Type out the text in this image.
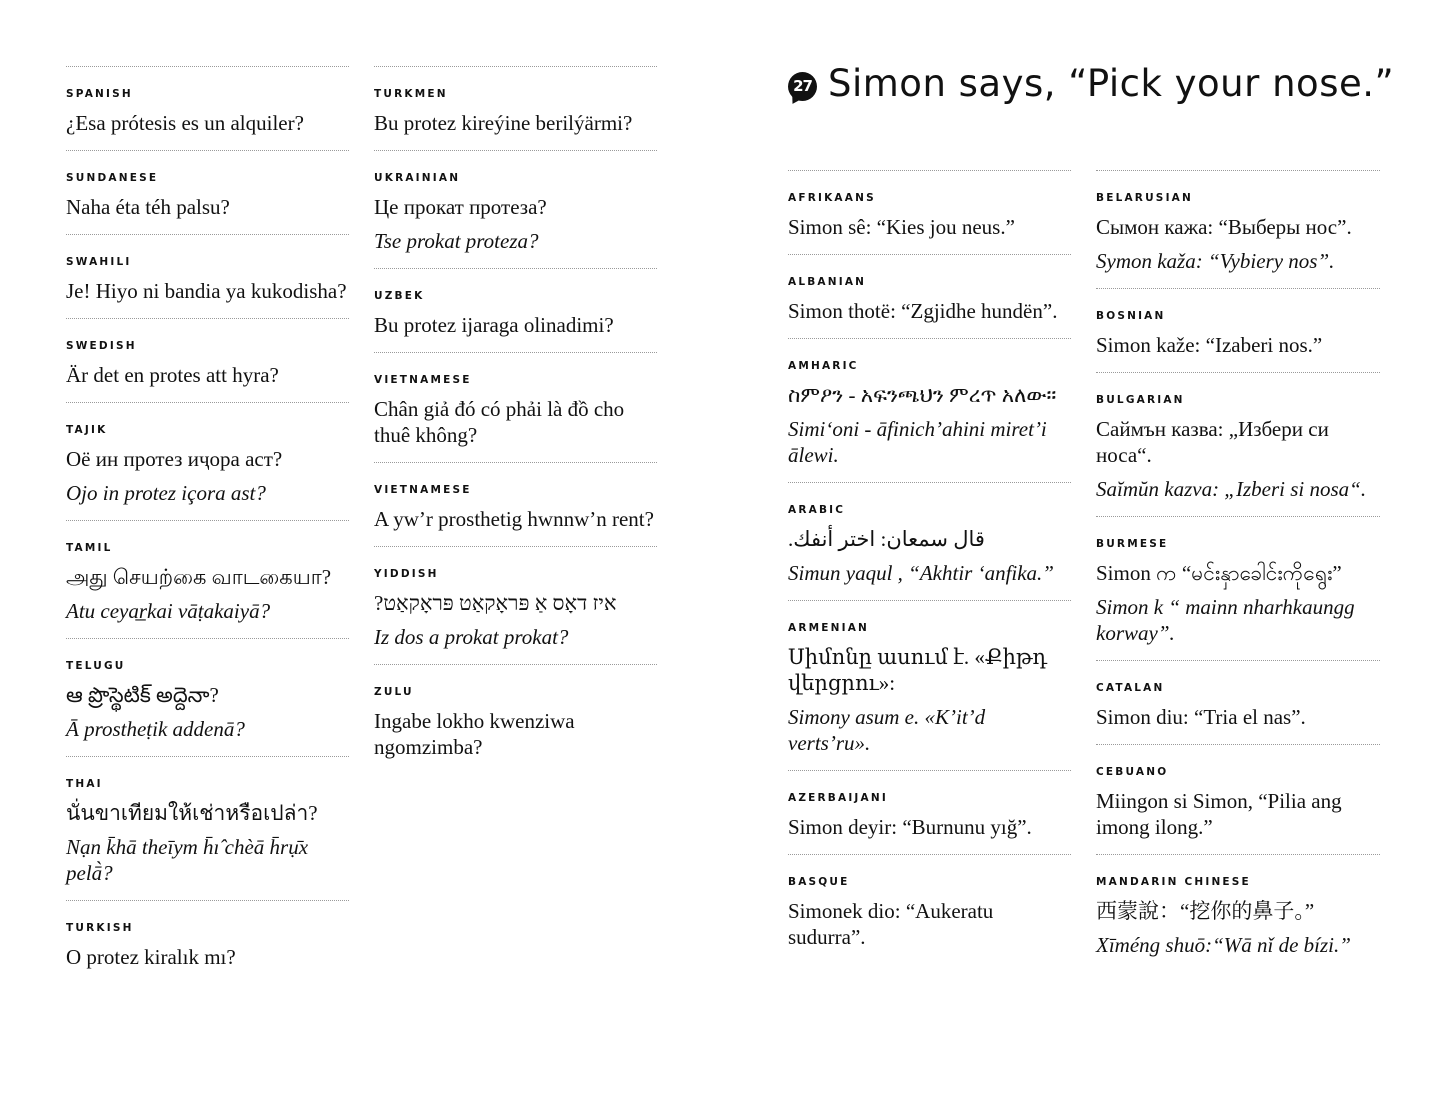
27 Simon says, “Pick your nose.”
SPANISH

¿Esa prótesis es un alquiler?

SUNDANESE

Naha éta téh palsu?

SWAHILI

Je! Hiyo ni bandia ya kukodisha?

SWEDISH

Är det en protes att hyra?

TAJIK

Оё ин протез иҷора аст?

Ojo in protez içora ast?

TAMIL

அது செயற்கை வாடகையா?

Atu ceyar̲kai vāṭakaiyā?

TELUGU

ఆ ప్రొస్థెటిక్ అద్దెనా?

Ā prostheṭik addenā?

THAI

นั่นขาเทียมให้เช่าหรือเปล่า?

Nạn k̄hā theīym h̄ı̂ chèā h̄rụ̄x pelā̀?

TURKISH

O protez kiralık mı?

TURKMEN

Bu protez kireýine berilýärmi?

UKRAINIAN

Це прокат протеза?

Tse prokat proteza?

UZBEK

Bu protez ijaraga olinadimi?

VIETNAMESE

Chân giả đó có phải là đồ cho thuê không?

VIETNAMESE

A yw’r prosthetig hwnnw’n rent?

YIDDISH

איז דאָס אַ פּראָקאַט פּראָקאַט?

Iz dos a prokat prokat?

ZULU

Ingabe lokho kwenziwa ngomzimba?

AFRIKAANS

Simon sê: “Kies jou neus.”

ALBANIAN

Simon thotë: “Zgjidhe hundën”.

AMHARIC

ስምዖን - አፍንጫህን ምረጥ አለው።

Simi‘oni - āfinich’ahini miret’i ālewi.

ARABIC

قال سمعان: اختر أنفك.

Simun yaqul , “Akhtir ‘anfika.”

ARMENIAN

Սիմոնը ասում է. «Քիթդ վերցրու»:

Simony asum e. «K’it’d verts’ru».

AZERBAIJANI

Simon deyir: “Burnunu yığ”.

BASQUE

Simonek dio: “Aukeratu sudurra”.

BELARUSIAN

Сымон кажа: “Выберы нос”.

Symon kaža: “Vybiery nos”.

BOSNIAN

Simon kaže: “Izaberi nos.”

BULGARIAN

Саймън казва: „Избери си носа“.

Saĭmŭn kazva: „Izberi si nosa“.

BURMESE

Simon က “မင်းနှာခေါင်းကိုရွေး”

Simon k “ mainn nharhkaungg korway”.

CATALAN

Simon diu: “Tria el nas”.

CEBUANO

Miingon si Simon, “Pilia ang imong ilong.”

MANDARIN CHINESE

西蒙說：“挖你的鼻子。”

Xīméng shuō:“Wā nǐ de bízi.”
